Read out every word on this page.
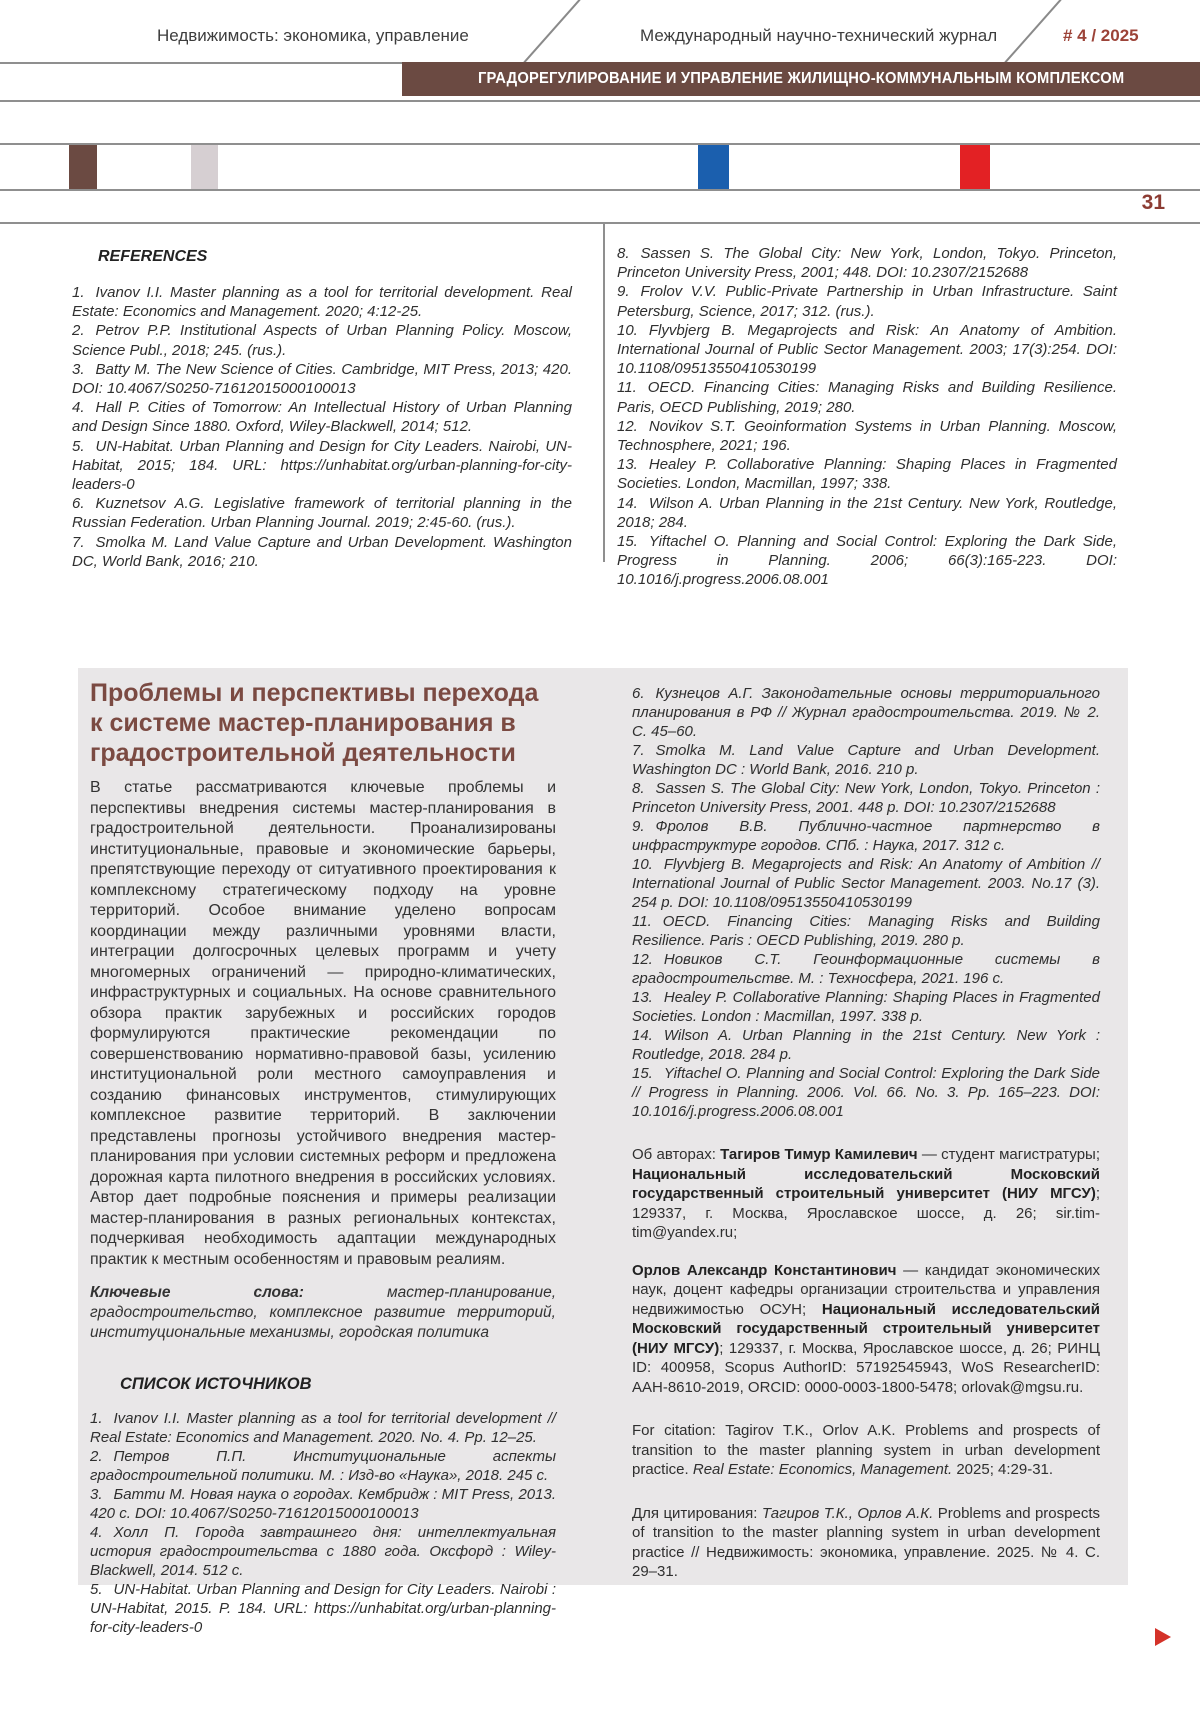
Недвижимость: экономика, управление	Международный научно-технический журнал	# 4 / 2025
ГРАДОРЕГУЛИРОВАНИЕ И УПРАВЛЕНИЕ ЖИЛИЩНО-КОММУНАЛЬНЫМ КОМПЛЕКСОМ
31
REFERENCES

1. Ivanov I.I. Master planning as a tool for territorial development. Real Estate: Economics and Management. 2020; 4:12-25.

2. Petrov P.P. Institutional Aspects of Urban Planning Policy. Moscow, Science Publ., 2018; 245. (rus.).

3. Batty M. The New Science of Cities. Cambridge, MIT Press, 2013; 420. DOI: 10.4067/S0250-71612015000100013

4. Hall P. Cities of Tomorrow: An Intellectual History of Urban Planning and Design Since 1880. Oxford, Wiley-Blackwell, 2014; 512.

5. UN-Habitat. Urban Planning and Design for City Leaders. Nairobi, UN-Habitat, 2015; 184. URL: https://unhabitat.org/urban-planning-for-city-leaders-0

6. Kuznetsov A.G. Legislative framework of territorial planning in the Russian Federation. Urban Planning Journal. 2019; 2:45-60. (rus.).

7. Smolka M. Land Value Capture and Urban Development. Washington DC, World Bank, 2016; 210.

8. Sassen S. The Global City: New York, London, Tokyo. Princeton, Princeton University Press, 2001; 448. DOI: 10.2307/2152688

9. Frolov V.V. Public-Private Partnership in Urban Infrastructure. Saint Petersburg, Science, 2017; 312. (rus.).

10. Flyvbjerg B. Megaprojects and Risk: An Anatomy of Ambition. International Journal of Public Sector Management. 2003; 17(3):254. DOI: 10.1108/09513550410530199

11. OECD. Financing Cities: Managing Risks and Building Resilience. Paris, OECD Publishing, 2019; 280.

12. Novikov S.T. Geoinformation Systems in Urban Planning. Moscow, Technosphere, 2021; 196.

13. Healey P. Collaborative Planning: Shaping Places in Fragmented Societies. London, Macmillan, 1997; 338.

14. Wilson A. Urban Planning in the 21st Century. New York, Routledge, 2018; 284.

15. Yiftachel O. Planning and Social Control: Exploring the Dark Side, Progress in Planning. 2006; 66(3):165-223. DOI: 10.1016/j.progress.2006.08.001

Проблемы и перспективы перехода к системе мастер-планирования в градостроительной деятельности

В статье рассматриваются ключевые проблемы и перспективы внедрения системы мастер-планирования в градостроительной деятельности. Проанализированы институциональные, правовые и экономические барьеры, препятствующие переходу от ситуативного проектирования к комплексному стратегическому подходу на уровне территорий. Особое внимание уделено вопросам координации между различными уровнями власти, интеграции долгосрочных целевых программ и учету многомерных ограничений — природно-климатических, инфраструктурных и социальных. На основе сравнительного обзора практик зарубежных и российских городов формулируются практические рекомендации по совершенствованию нормативно-правовой базы, усилению институциональной роли местного самоуправления и созданию финансовых инструментов, стимулирующих комплексное развитие территорий. В заключении представлены прогнозы устойчивого внедрения мастер-планирования при условии системных реформ и предложена дорожная карта пилотного внедрения в российских условиях. Автор дает подробные пояснения и примеры реализации мастер-планирования в разных региональных контекстах, подчеркивая необходимость адаптации международных практик к местным особенностям и правовым реалиям.

Ключевые слова: мастер-планирование, градостроительство, комплексное развитие территорий, институциональные механизмы, городская политика

СПИСОК ИСТОЧНИКОВ

1. Ivanov I.I. Master planning as a tool for territorial development // Real Estate: Economics and Management. 2020. No. 4. Pp. 12–25.

2. Петров П.П. Институциональные аспекты градостроительной политики. М. : Изд-во «Наука», 2018. 245 с.

3. Батти М. Новая наука о городах. Кембридж : MIT Press, 2013. 420 с. DOI: 10.4067/S0250-71612015000100013

4. Холл П. Города завтрашнего дня: интеллектуальная история градостроительства с 1880 года. Оксфорд : Wiley-Blackwell, 2014. 512 с.

5. UN-Habitat. Urban Planning and Design for City Leaders. Nairobi : UN-Habitat, 2015. P. 184. URL: https://unhabitat.org/urban-planning-for-city-leaders-0

6. Кузнецов А.Г. Законодательные основы территориального планирования в РФ // Журнал градостроительства. 2019. № 2. С. 45–60.

7. Smolka M. Land Value Capture and Urban Development. Washington DC : World Bank, 2016. 210 p.

8. Sassen S. The Global City: New York, London, Tokyo. Princeton : Princeton University Press, 2001. 448 p. DOI: 10.2307/2152688

9. Фролов В.В. Публично-частное партнерство в инфраструктуре городов. СПб. : Наука, 2017. 312 с.

10. Flyvbjerg B. Megaprojects and Risk: An Anatomy of Ambition // International Journal of Public Sector Management. 2003. No.17 (3). 254 p. DOI: 10.1108/09513550410530199

11. OECD. Financing Cities: Managing Risks and Building Resilience. Paris : OECD Publishing, 2019. 280 p.

12. Новиков С.Т. Геоинформационные системы в градостроительстве. М. : Техносфера, 2021. 196 с.

13. Healey P. Collaborative Planning: Shaping Places in Fragmented Societies. London : Macmillan, 1997. 338 p.

14. Wilson A. Urban Planning in the 21st Century. New York : Routledge, 2018. 284 p.

15. Yiftachel O. Planning and Social Control: Exploring the Dark Side // Progress in Planning. 2006. Vol. 66. No. 3. Pp. 165–223. DOI: 10.1016/j.progress.2006.08.001

Об авторах: Тагиров Тимур Камилевич — студент магистратуры; Национальный исследовательский Московский государственный строительный университет (НИУ МГСУ); 129337, г. Москва, Ярославское шоссе, д. 26; sir.tim-tim@yandex.ru;

Орлов Александр Константинович — кандидат экономических наук, доцент кафедры организации строительства и управления недвижимостью ОСУН; Национальный исследовательский Московский государственный строительный университет (НИУ МГСУ); 129337, г. Москва, Ярославское шоссе, д. 26; РИНЦ ID: 400958, Scopus AuthorID: 57192545943, WoS ResearcherID: AAH-8610-2019, ORCID: 0000-0003-1800-5478; orlovak@mgsu.ru.

For citation: Tagirov T.K., Orlov A.K. Problems and prospects of transition to the master planning system in urban development practice. Real Estate: Economics, Management. 2025; 4:29-31.

Для цитирования: Тагиров Т.К., Орлов А.К. Problems and prospects of transition to the master planning system in urban development practice // Недвижимость: экономика, управление. 2025. № 4. С. 29–31.
